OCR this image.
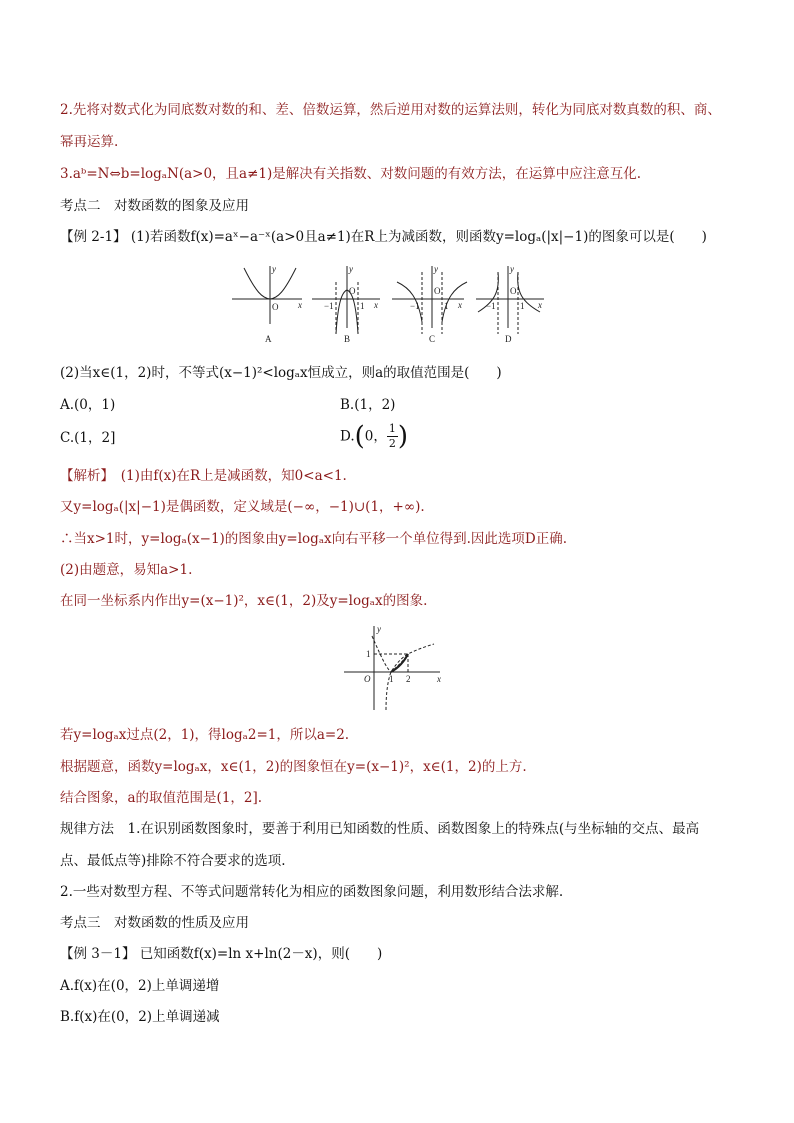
2.先将对数式化为同底数对数的和、差、倍数运算，然后逆用对数的运算法则，转化为同底对数真数的积、商、
幂再运算.
3.aᵇ=N⇔b=logₐN(a>0，且a≠1)是解决有关指数、对数问题的有效方法，在运算中应注意互化.
考点二　对数函数的图象及应用
【例 2-1】 (1)若函数f(x)=aˣ−a⁻ˣ(a>0且a≠1)在R上为减函数，则函数y=logₐ(|x|−1)的图象可以是(　　)
O x
y
O
−1	1 x
y
O
−1	1 x
y
O
−1	1 x
y
A	B	C	D
(2)当x∈(1，2)时，不等式(x−1)²<logₐx恒成立，则a的取值范围是(　　)
A.(0，1)	B.(1，2)
C.(1，2]	D.(0， $\frac{1}{2}$ )
【解析】　(1)由f(x)在R上是减函数，知0<a<1.
又y=logₐ(|x|−1)是偶函数，定义域是(−∞，−1)∪(1，+∞).
∴当x>1时，y=logₐ(x−1)的图象由y=logₐx向右平移一个单位得到.因此选项D正确.
(2)由题意，易知a>1.
在同一坐标系内作出y=(x−1)²，x∈(1，2)及y=logₐx的图象.
y
x
O
1
1 2
若y=logₐx过点(2，1)，得logₐ2=1，所以a=2.
根据题意，函数y=logₐx，x∈(1，2)的图象恒在y=(x−1)²，x∈(1，2)的上方.
结合图象，a的取值范围是(1，2].
规律方法　1.在识别函数图象时，要善于利用已知函数的性质、函数图象上的特殊点(与坐标轴的交点、最高
点、最低点等)排除不符合要求的选项.
2.一些对数型方程、不等式问题常转化为相应的函数图象问题，利用数形结合法求解.
考点三　对数函数的性质及应用
【例 3－1】 已知函数f(x)=ln x+ln(2－x)，则(　　)
A.f(x)在(0，2)上单调递增
B.f(x)在(0，2)上单调递减
